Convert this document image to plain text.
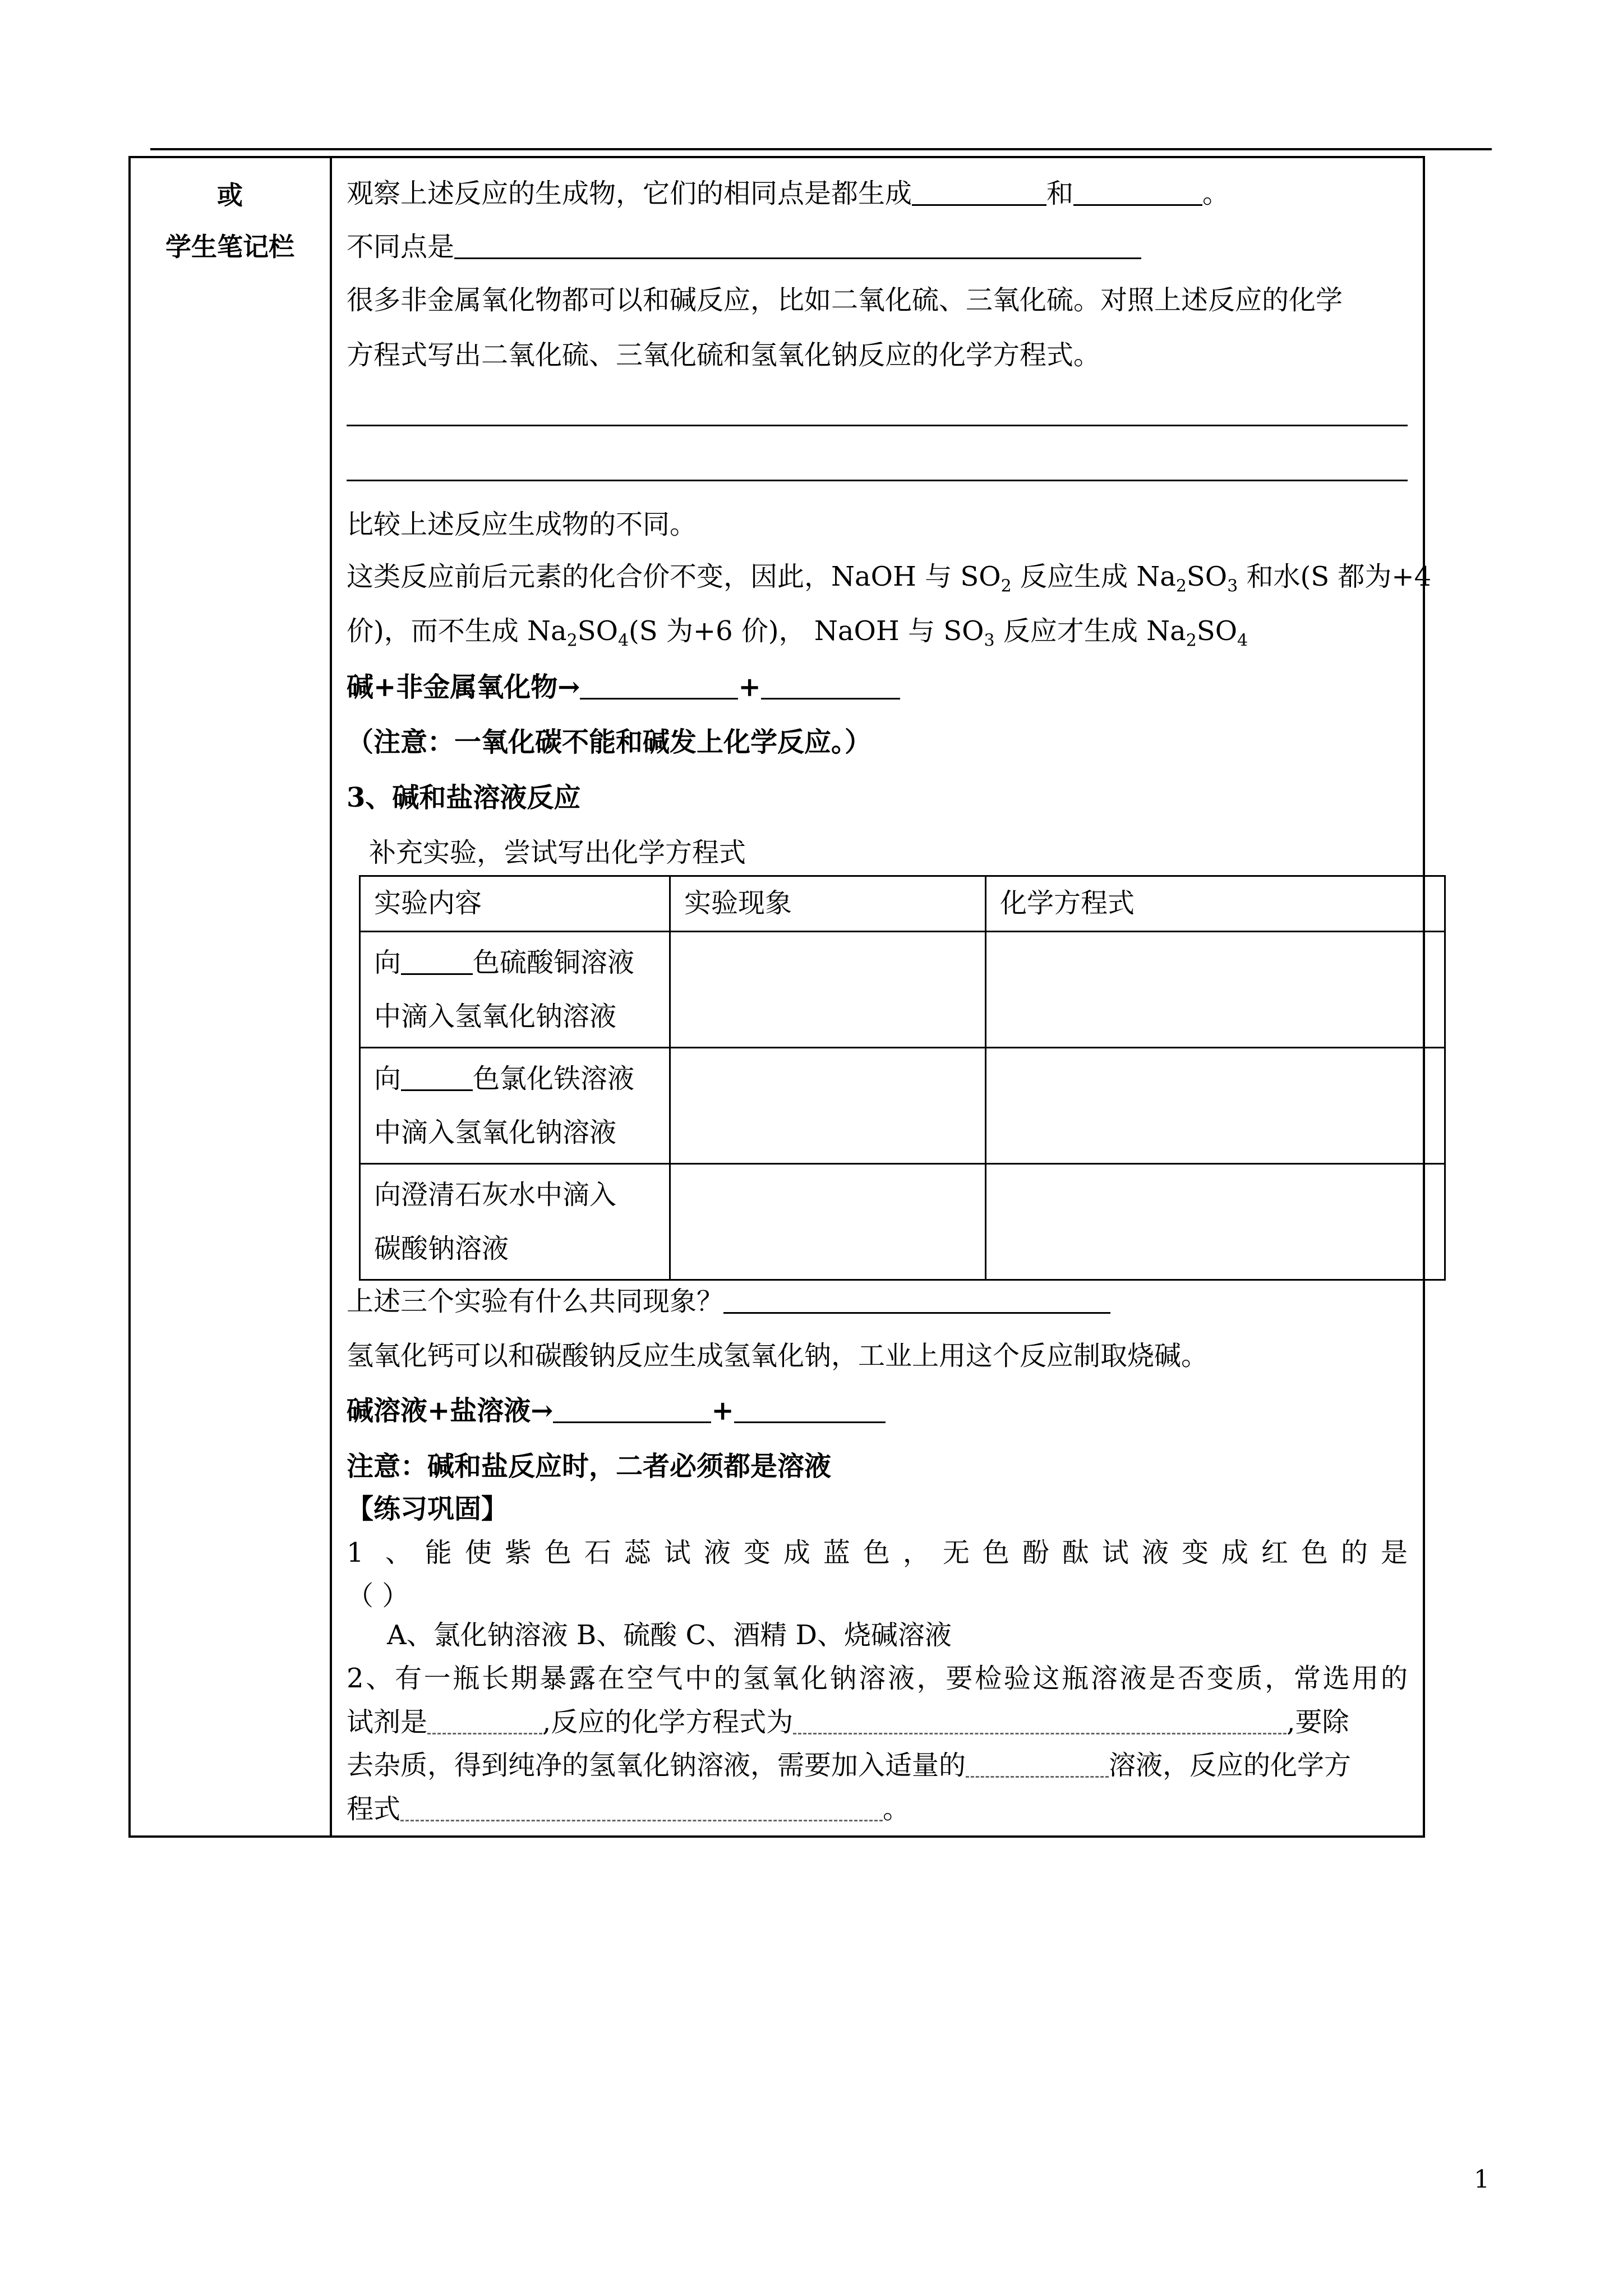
或
学生笔记栏
观察上述反应的生成物，它们的相同点是都生成	和	。
不同点是
很多非金属氧化物都可以和碱反应，比如二氧化硫、三氧化硫。对照上述反应的化学
方程式写出二氧化硫、三氧化硫和氢氧化钠反应的化学方程式。
比较上述反应生成物的不同。
这类反应前后元素的化合价不变，因此，NaOH 与 $SO_2$ 反应生成 $Na_2SO_3$ 和水(S 都为+4
价)，而不生成 $Na_2SO_4(S$ 为+6 价)， NaOH 与 $SO_3$ 反应才生成 $Na_2SO_4$
碱+非金属氧化物→	+
（注意：一氧化碳不能和碱发上化学反应。）
3、碱和盐溶液反应
补充实验，尝试写出化学方程式
实验内容	实验现象	化学方程式
向 色硫酸铜溶液
中滴入氢氧化钠溶液		
向 色氯化铁溶液
中滴入氢氧化钠溶液		
向澄清石灰水中滴入
碳酸钠溶液		
上述三个实验有什么共同现象？
氢氧化钙可以和碳酸钠反应生成氢氧化钠，工业上用这个反应制取烧碱。
碱溶液+盐溶液→	+
注意：碱和盐反应时，二者必须都是溶液
【练习巩固】
1 、能使紫色石蕊试液变成蓝色，无色酚酞试液变成红色的是
（ ）
A、氯化钠溶液 B、硫酸 C、酒精 D、烧碱溶液
2、有一瓶长期暴露在空气中的氢氧化钠溶液，要检验这瓶溶液是否变质，常选用的
试剂是	,反应的化学方程式为	,要除
去杂质，得到纯净的氢氧化钠溶液，需要加入适量的	溶液，反应的化学方
程式	。
1
